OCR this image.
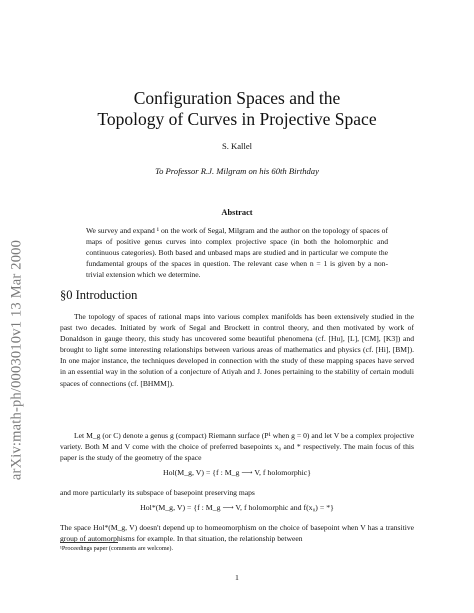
arXiv:math-ph/0003010v1 13 Mar 2000
Configuration Spaces and the
Topology of Curves in Projective Space
S. Kallel
To Professor R.J. Milgram on his 60th Birthday
Abstract
We survey and expand ¹ on the work of Segal, Milgram and the author on the topology of spaces of maps of positive genus curves into complex projective space (in both the holomorphic and continuous categories). Both based and unbased maps are studied and in particular we compute the fundamental groups of the spaces in question. The relevant case when n = 1 is given by a non-trivial extension which we determine.
§0 Introduction
The topology of spaces of rational maps into various complex manifolds has been extensively studied in the past two decades. Initiated by work of Segal and Brockett in control theory, and then motivated by work of Donaldson in gauge theory, this study has uncovered some beautiful phenomena (cf. [Hu], [L], [CM], [K3]) and brought to light some interesting relationships between various areas of mathematics and physics (cf. [Hi], [BM]). In one major instance, the techniques developed in connection with the study of these mapping spaces have served in an essential way in the solution of a conjecture of Atiyah and J. Jones pertaining to the stability of certain moduli spaces of connections (cf. [BHMM]).
Let M_g (or C) denote a genus g (compact) Riemann surface (P¹ when g = 0) and let V be a complex projective variety. Both M and V come with the choice of preferred basepoints x₀ and * respectively. The main focus of this paper is the study of the geometry of the space
Hol(M_g, V) = {f : M_g ⟶ V, f holomorphic}
and more particularly its subspace of basepoint preserving maps
Hol*(M_g, V) = {f : M_g ⟶ V, f holomorphic and f(x₀) = *}
The space Hol*(M_g, V) doesn't depend up to homeomorphism on the choice of basepoint when V has a transitive group of automorphisms for example. In that situation, the relationship between
¹Proceedings paper (comments are welcome).
1
